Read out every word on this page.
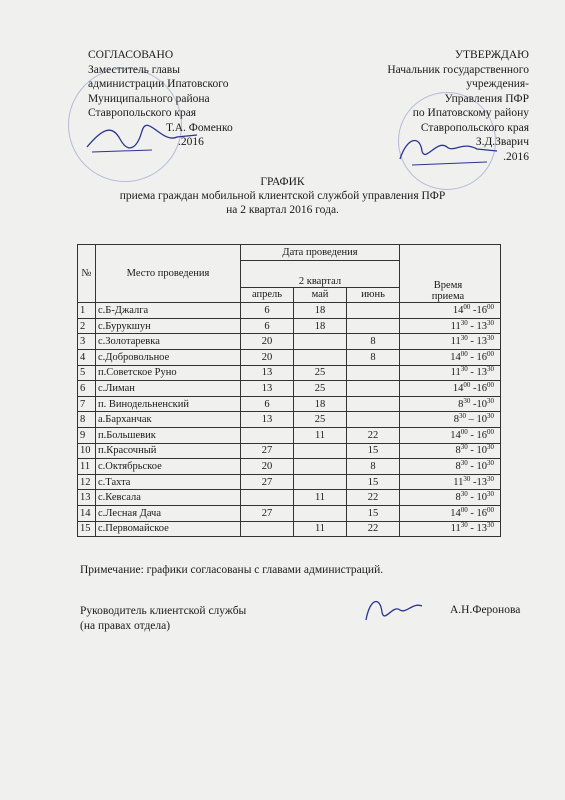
СОГЛАСОВАНО
Заместитель главы
администрации Ипатовского
Муниципального района
Ставропольского края
Т.А. Фоменко
.2016
УТВЕРЖДАЮ
Начальник государственного
учреждения-
Управления ПФР
по Ипатовскому району
Ставропольского края
З.Д.Зварич
.2016
ГРАФИК
приема граждан мобильной клиентской службой управления ПФР
на 2 квартал 2016 года.
№	Место проведения	Дата проведения			Время
приема
		2 квартал			
		апрель	май	июнь	
1	с.Б-Джалга	6	18		$14^{00}$ $-16^{00}$
2	с.Бурукшун	6	18		$11^{30} - 13^{30}$
3	с.Золотаревка	20		8	$11^{30} - 13^{30}$
4	с.Добровольное	20		8	$14^{00} - 16^{00}$
5	п.Советское Руно	13	25		$11^{30} - 13^{30}$
6	с.Лиман	13	25		$14^{00}$ $-16^{00}$
7	п. Винодельненский	6	18		$8^{30}$ $-10^{30}$
8	а.Барханчак	13	25		$8^{30} - 10^{30}$
9	п.Большевик		11	22	$14^{00} - 16^{00}$
10	п.Красочный	27		15	$8^{30} - 10^{30}$
11	с.Октябрьское	20		8	$8^{30} - 10^{30}$
12	с.Тахта	27		15	$11^{30}$ $-13^{30}$
13	с.Кевсала		11	22	$8^{30} - 10^{30}$
14	с.Лесная Дача	27		15	$14^{00} - 16^{00}$
15	с.Первомайское		11	22	$11^{30} - 13^{30}$
Примечание: графики согласованы с главами администраций.
Руководитель клиентской службы
(на правах отдела)
А.Н.Феронова
